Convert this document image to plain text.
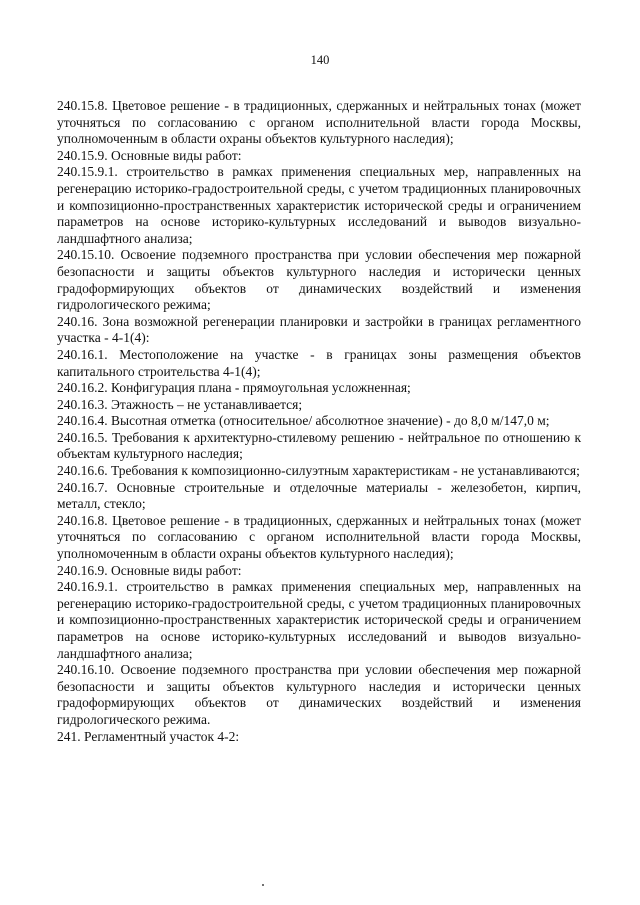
140

240.15.8. Цветовое решение - в традиционных, сдержанных и нейтральных тонах (может уточняться по согласованию с органом исполнительной власти города Москвы, уполномоченным в области охраны объектов культурного наследия);

240.15.9. Основные виды работ:

240.15.9.1. строительство в рамках применения специальных мер, направленных на регенерацию историко-градостроительной среды, с учетом традиционных планировочных и композиционно-пространственных характеристик исторической среды и ограничением параметров на основе историко-культурных исследований и выводов визуально-ландшафтного анализа;

240.15.10. Освоение подземного пространства при условии обеспечения мер пожарной безопасности и защиты объектов культурного наследия и исторически ценных градоформирующих объектов от динамических воздействий и изменения гидрологического режима;

240.16. Зона возможной регенерации планировки и застройки в границах регламентного участка - 4-1(4):

240.16.1. Местоположение на участке - в границах зоны размещения объектов капитального строительства 4-1(4);

240.16.2. Конфигурация плана - прямоугольная усложненная;

240.16.3. Этажность – не устанавливается;

240.16.4. Высотная отметка (относительное/ абсолютное значение) - до 8,0 м/147,0 м;

240.16.5. Требования к архитектурно-стилевому решению - нейтральное по отношению к объектам культурного наследия;

240.16.6. Требования к композиционно-силуэтным характеристикам - не устанавливаются;

240.16.7. Основные строительные и отделочные материалы - железобетон, кирпич, металл, стекло;

240.16.8. Цветовое решение - в традиционных, сдержанных и нейтральных тонах (может уточняться по согласованию с органом исполнительной власти города Москвы, уполномоченным в области охраны объектов культурного наследия);

240.16.9. Основные виды работ:

240.16.9.1. строительство в рамках применения специальных мер, направленных на регенерацию историко-градостроительной среды, с учетом традиционных планировочных и композиционно-пространственных характеристик исторической среды и ограничением параметров на основе историко-культурных исследований и выводов визуально-ландшафтного анализа;

240.16.10. Освоение подземного пространства при условии обеспечения мер пожарной безопасности и защиты объектов культурного наследия и исторически ценных градоформирующих объектов от динамических воздействий и изменения гидрологического режима.

241. Регламентный участок 4-2:
